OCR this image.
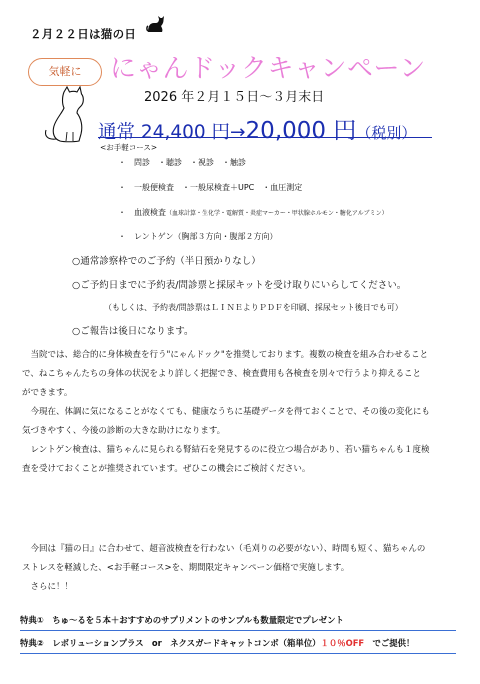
２月２２日は猫の日
気軽に	にゃんドックキャンペーン
2026 年２月１５日～３月末日
通常 24,400 円→20,000 円（税別）
<お手軽コース>
・　問診　・聴診　・視診　・触診
・　一般便検査　・一般尿検査＋UPC　・血圧測定
・　血液検査（血球計算・生化学・電解質・炎症マーカー・甲状腺ホルモン・糖化アルブミン）
・　レントゲン（胸部３方向・腹部２方向）
○通常診察枠でのご予約（半日預かりなし）
○ご予約日までに予約表/問診票と採尿キットを受け取りにいらしてください。
（もしくは、予約表/問診票はＬＩＮＥよりＰＤＦを印刷、採尿セット後日でも可）
○ご報告は後日になります。
　当院では、総合的に身体検査を行う"にゃんドック"を推奨しております。複数の検査を組み合わせること
で、ねこちゃんたちの身体の状況をより詳しく把握でき、検査費用も各検査を別々で行うより抑えること
ができます。
　今現在、体調に気になることがなくても、健康なうちに基礎データを得ておくことで、その後の変化にも
気づきやすく、今後の診断の大きな助けになります。
　レントゲン検査は、猫ちゃんに見られる腎結石を発見するのに役立つ場合があり、若い猫ちゃんも１度検
査を受けておくことが推奨されています。ぜひこの機会にご検討ください。
　今回は『猫の日』に合わせて、超音波検査を行わない（毛刈りの必要がない）、時間も短く、猫ちゃんの
ストレスを軽減した、<お手軽コース>を、期間限定キャンペーン価格で実施します。
　さらに！！
特典①　ちゅ～るを５本＋おすすめのサプリメントのサンプルも数量限定でプレゼント
特典②　レボリューションプラス　or　ネクスガードキャットコンボ（箱単位）１０％OFF　でご提供！
